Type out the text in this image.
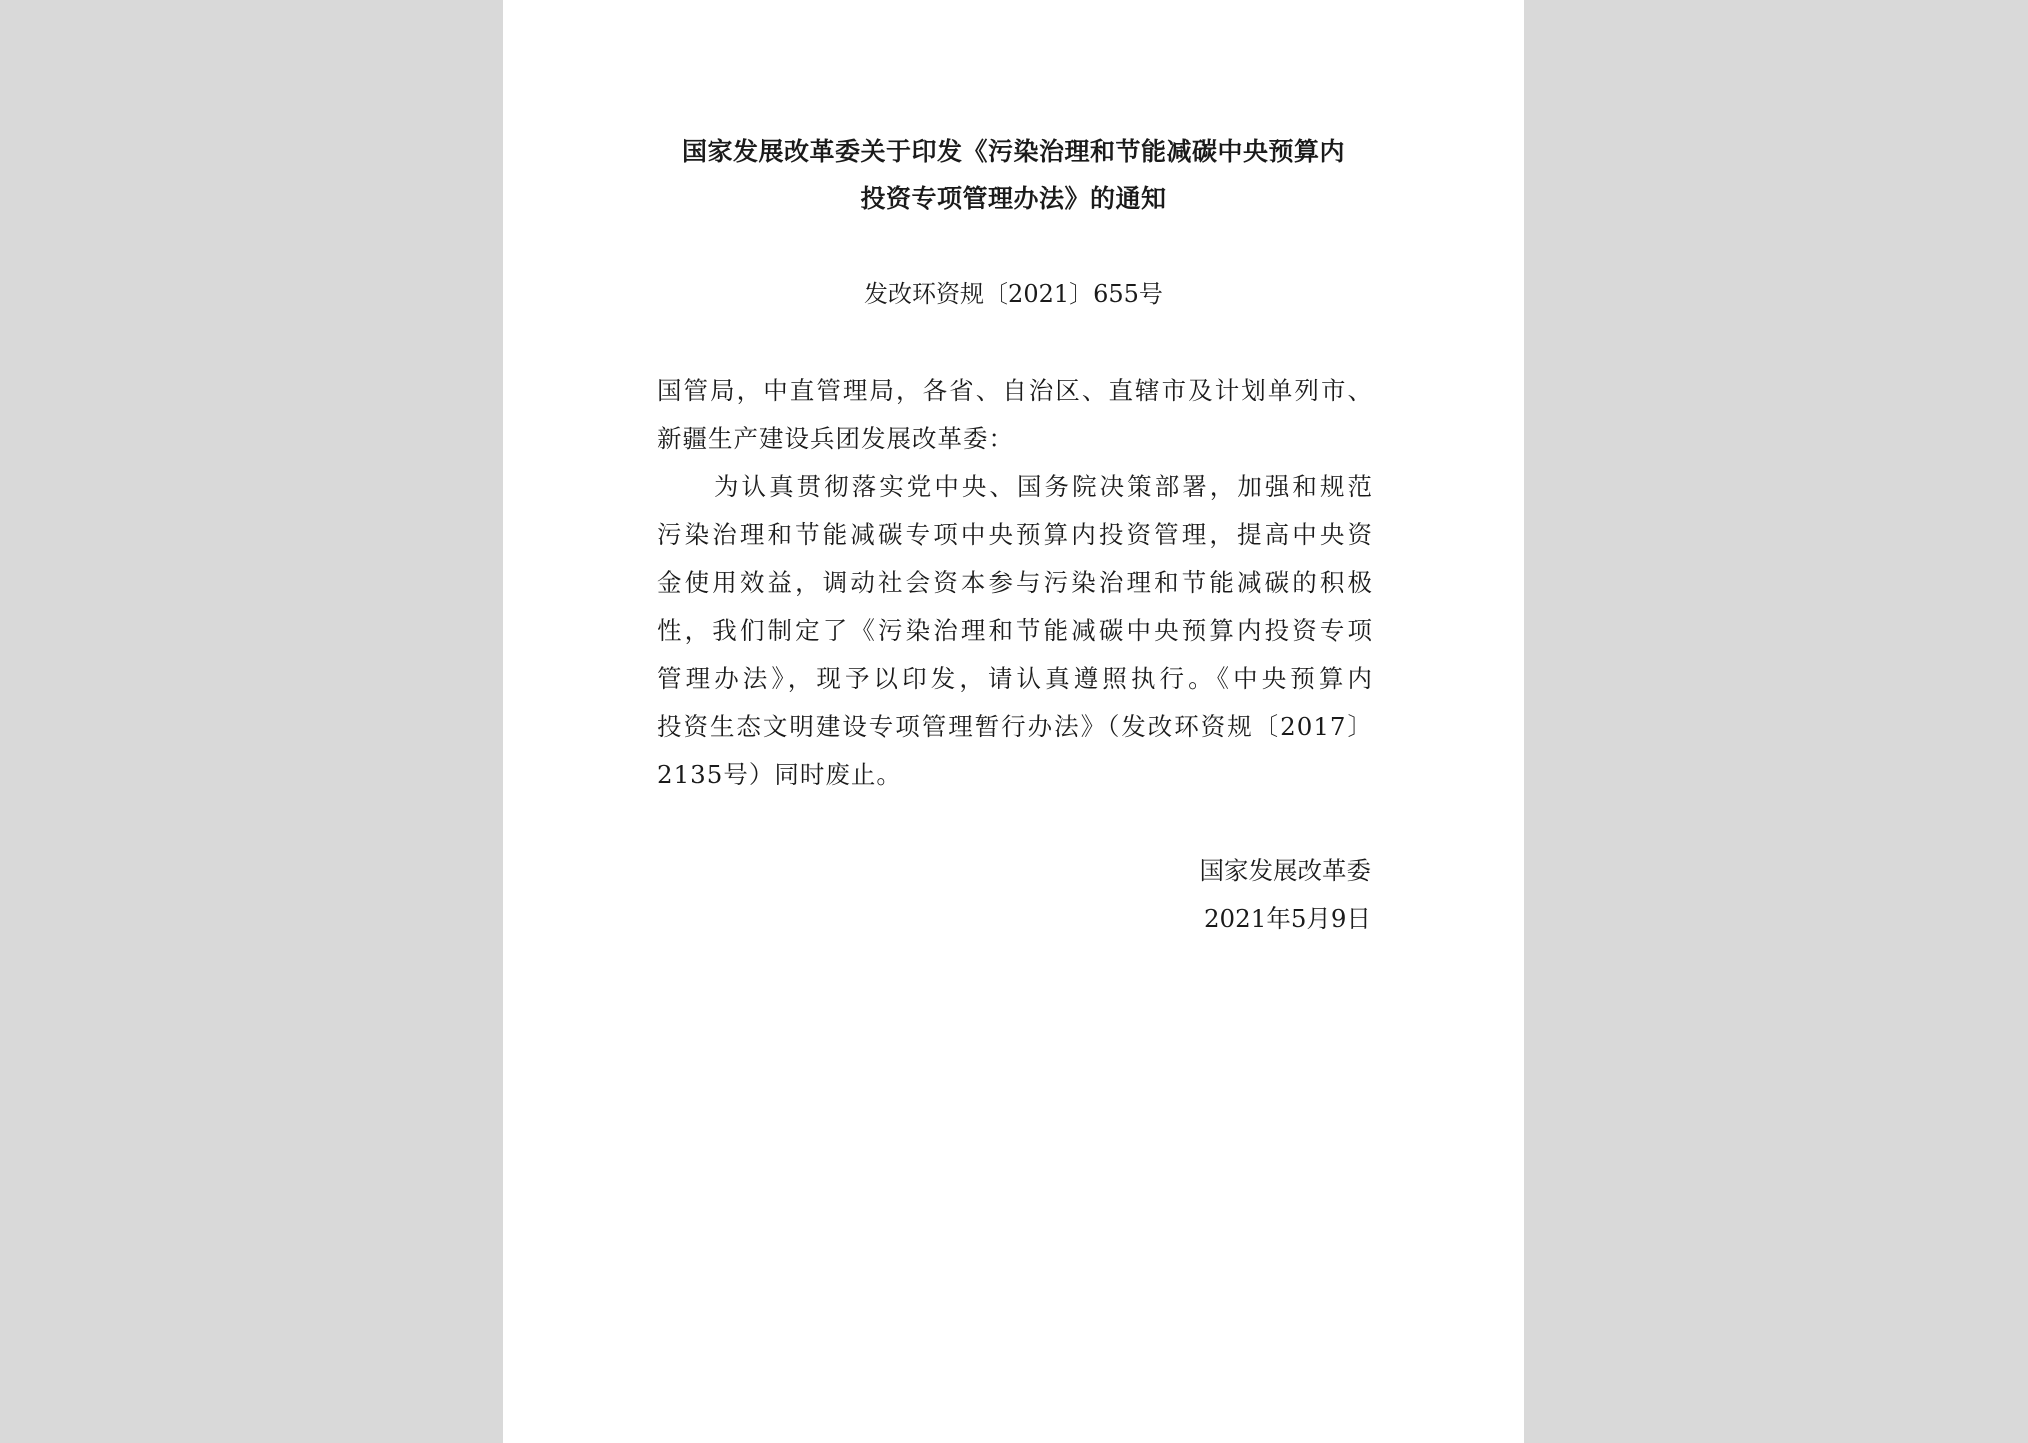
国家发展改革委关于印发《污染治理和节能减碳中央预算内
投资专项管理办法》的通知
发改环资规〔2021〕655号
国管局，中直管理局，各省、自治区、直辖市及计划单列市、
新疆生产建设兵团发展改革委：
为认真贯彻落实党中央、国务院决策部署，加强和规范
污染治理和节能减碳专项中央预算内投资管理，提高中央资
金使用效益，调动社会资本参与污染治理和节能减碳的积极
性，我们制定了《污染治理和节能减碳中央预算内投资专项
管理办法》，现予以印发，请认真遵照执行。《中央预算内
投资生态文明建设专项管理暂行办法》（发改环资规〔2017〕
2135号）同时废止。
国家发展改革委
2021年5月9日
